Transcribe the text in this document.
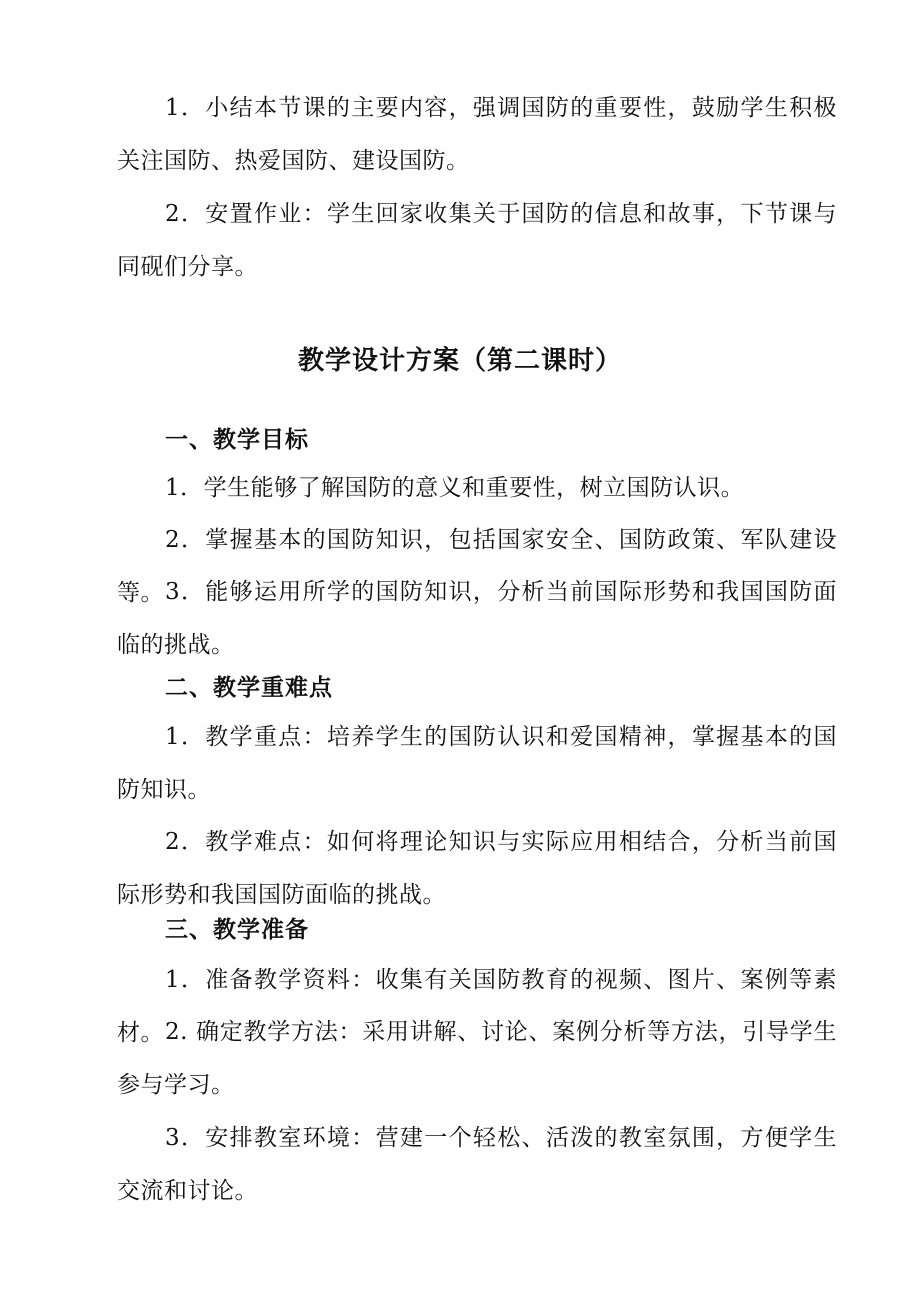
1．小结本节课的主要内容，强调国防的重要性，鼓励学生积极关注国防、热爱国防、建设国防。

2．安置作业：学生回家收集关于国防的信息和故事，下节课与同砚们分享。

教学设计方案（第二课时）
一、教学目标

1．学生能够了解国防的意义和重要性，树立国防认识。

2．掌握基本的国防知识，包括国家安全、国防政策、军队建设等。 3．能够运用所学的国防知识，分析当前国际形势和我国国防面临的挑战。

二、教学重难点

1．教学重点：培养学生的国防认识和爱国精神，掌握基本的国防知识。

2．教学难点：如何将理论知识与实际应用相结合，分析当前国际形势和我国国防面临的挑战。

三、教学准备

1．准备教学资料：收集有关国防教育的视频、图片、案例等素材。 2. 确定教学方法：采用讲解、讨论、案例分析等方法，引导学生参与学习。

3．安排教室环境：营建一个轻松、活泼的教室氛围，方便学生交流和讨论。
